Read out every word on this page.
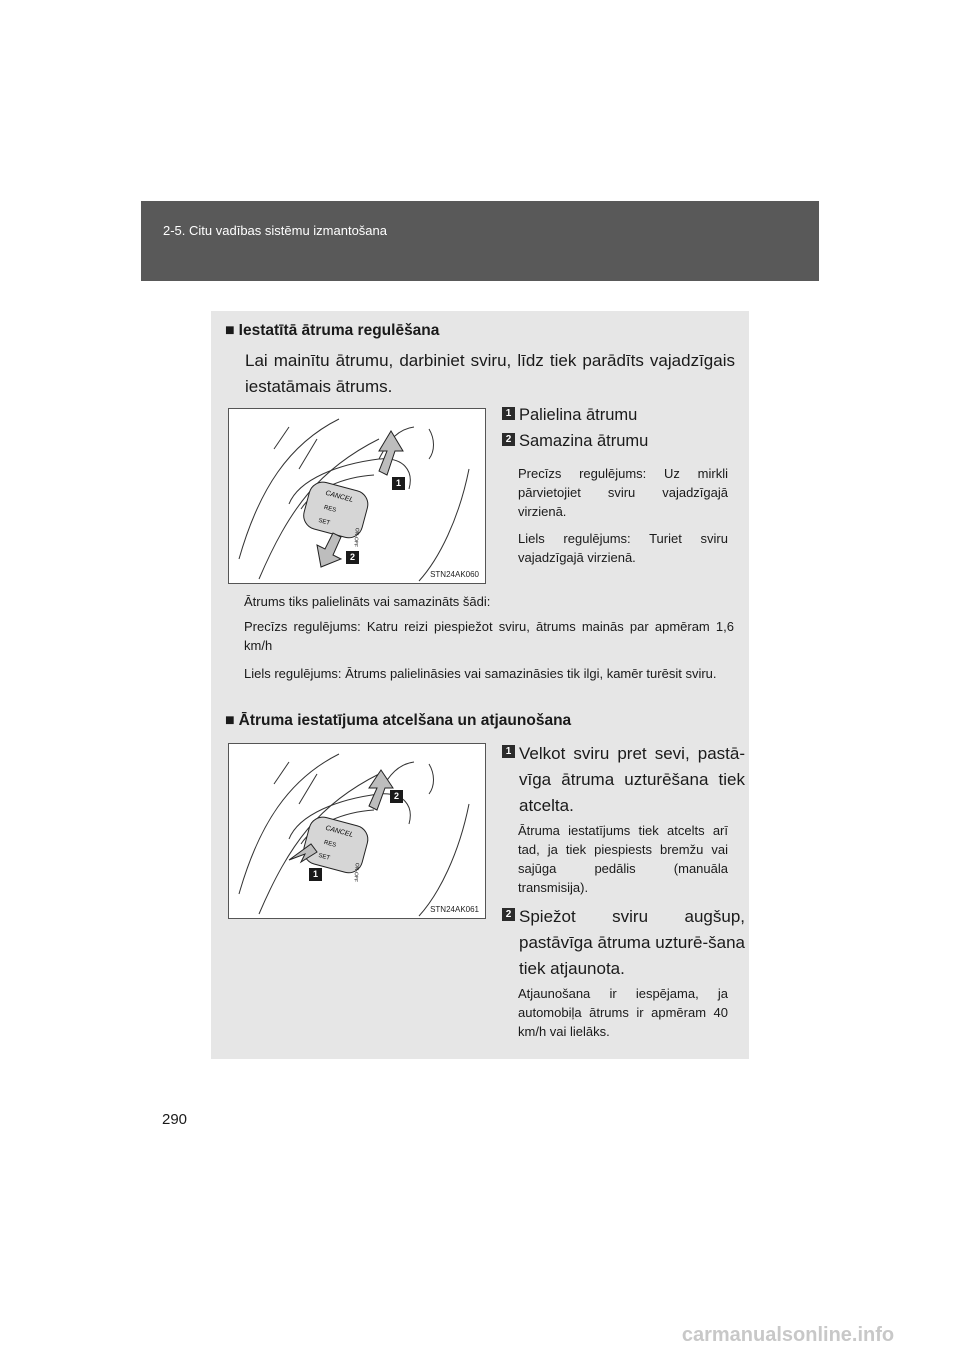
2-5. Citu vadības sistēmu izmantošana
■ Iestatītā ātruma regulēšana
Lai mainītu ātrumu, darbiniet sviru, līdz tiek parādīts vajadzīgais iestatāmais ātrums.
CANCEL
RES
SET
ON·OFF
1
2
STN24AK060
1 Palielina ātrumu
2 Samazina ātrumu
Precīzs regulējums: Uz mirkli pārvietojiet sviru vajadzīgajā virzienā.
Liels regulējums: Turiet sviru vajadzīgajā virzienā.
Ātrums tiks palielināts vai samazināts šādi:
Precīzs regulējums: Katru reizi piespiežot sviru, ātrums mainās par apmēram 1,6 km/h
Liels regulējums: Ātrums palielināsies vai samazināsies tik ilgi, kamēr turēsit sviru.
■ Ātruma iestatījuma atcelšana un atjaunošana
CANCEL
RES
SET
ON·OFF
2
1
STN24AK061
1 Velkot sviru pret sevi, pastā-vīga ātruma uzturēšana tiek atcelta.
Ātruma iestatījums tiek atcelts arī tad, ja tiek piespiests bremžu vai sajūga pedālis (manuāla transmisija).
2 Spiežot sviru augšup, pastāvīga ātruma uzturē-šana tiek atjaunota.
Atjaunošana ir iespējama, ja automobiļa ātrums ir apmēram 40 km/h vai lielāks.
290
carmanualsonline.info
